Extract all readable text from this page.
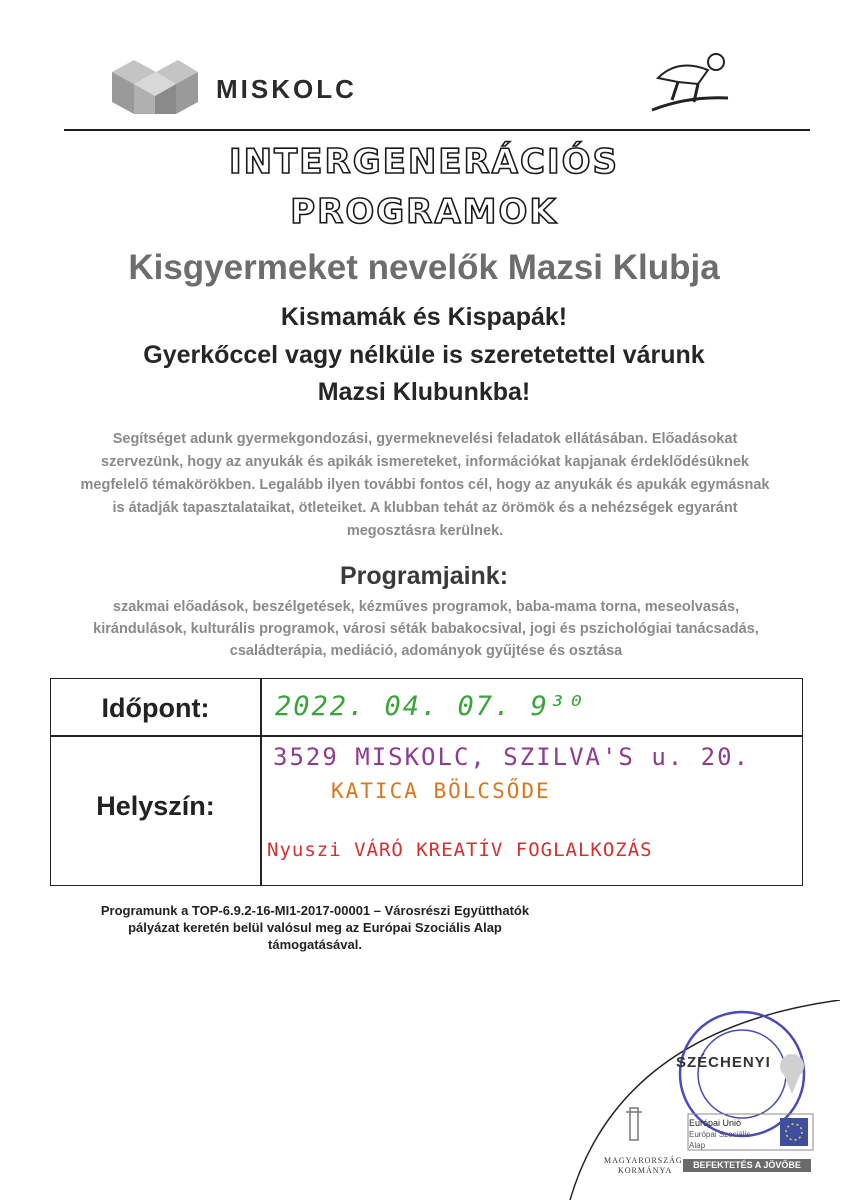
MISKOLC
INTERGENERÁCIÓS
PROGRAMOK
Kisgyermeket nevelők Mazsi Klubja
Kismamák és Kispapák!
Gyerkőccel vagy nélküle is szeretetettel várunk
Mazsi Klubunkba!
Segítséget adunk gyermekgondozási, gyermeknevelési feladatok ellátásában. Előadásokat szervezünk, hogy az anyukák és apikák ismereteket, információkat kapjanak érdeklődésüknek megfelelő témakörökben. Legalább ilyen további fontos cél, hogy az anyukák és apukák egymásnak is átadják tapasztalataikat, ötleteiket. A klubban tehát az örömök és a nehézségek egyaránt megosztásra kerülnek.
Programjaink:
szakmai előadások, beszélgetések, kézműves programok, baba-mama torna, meseolvasás, kirándulások, kulturális programok, városi séták babakocsival, jogi és pszichológiai tanácsadás, családterápia, mediáció, adományok gyűjtése és osztása
Időpont:
Helyszín:
2022. 04. 07. 9³⁰
3529 MISKOLC, SZILVA'S u. 20.
KATICA BÖLCSŐDE
Nyuszi VÁRÓ KREATÍV FOGLALKOZÁS
Programunk a TOP-6.9.2-16-MI1-2017-00001 – Városrészi Együtthatók pályázat keretén belül valósul meg az Európai Szociális Alap támogatásával.
SZÉCHENYI
Európai Unió
Európai Szociális
Alap
MAGYARORSZÁG
KORMÁNYA
BEFEKTETÉS A JÖVŐBE
